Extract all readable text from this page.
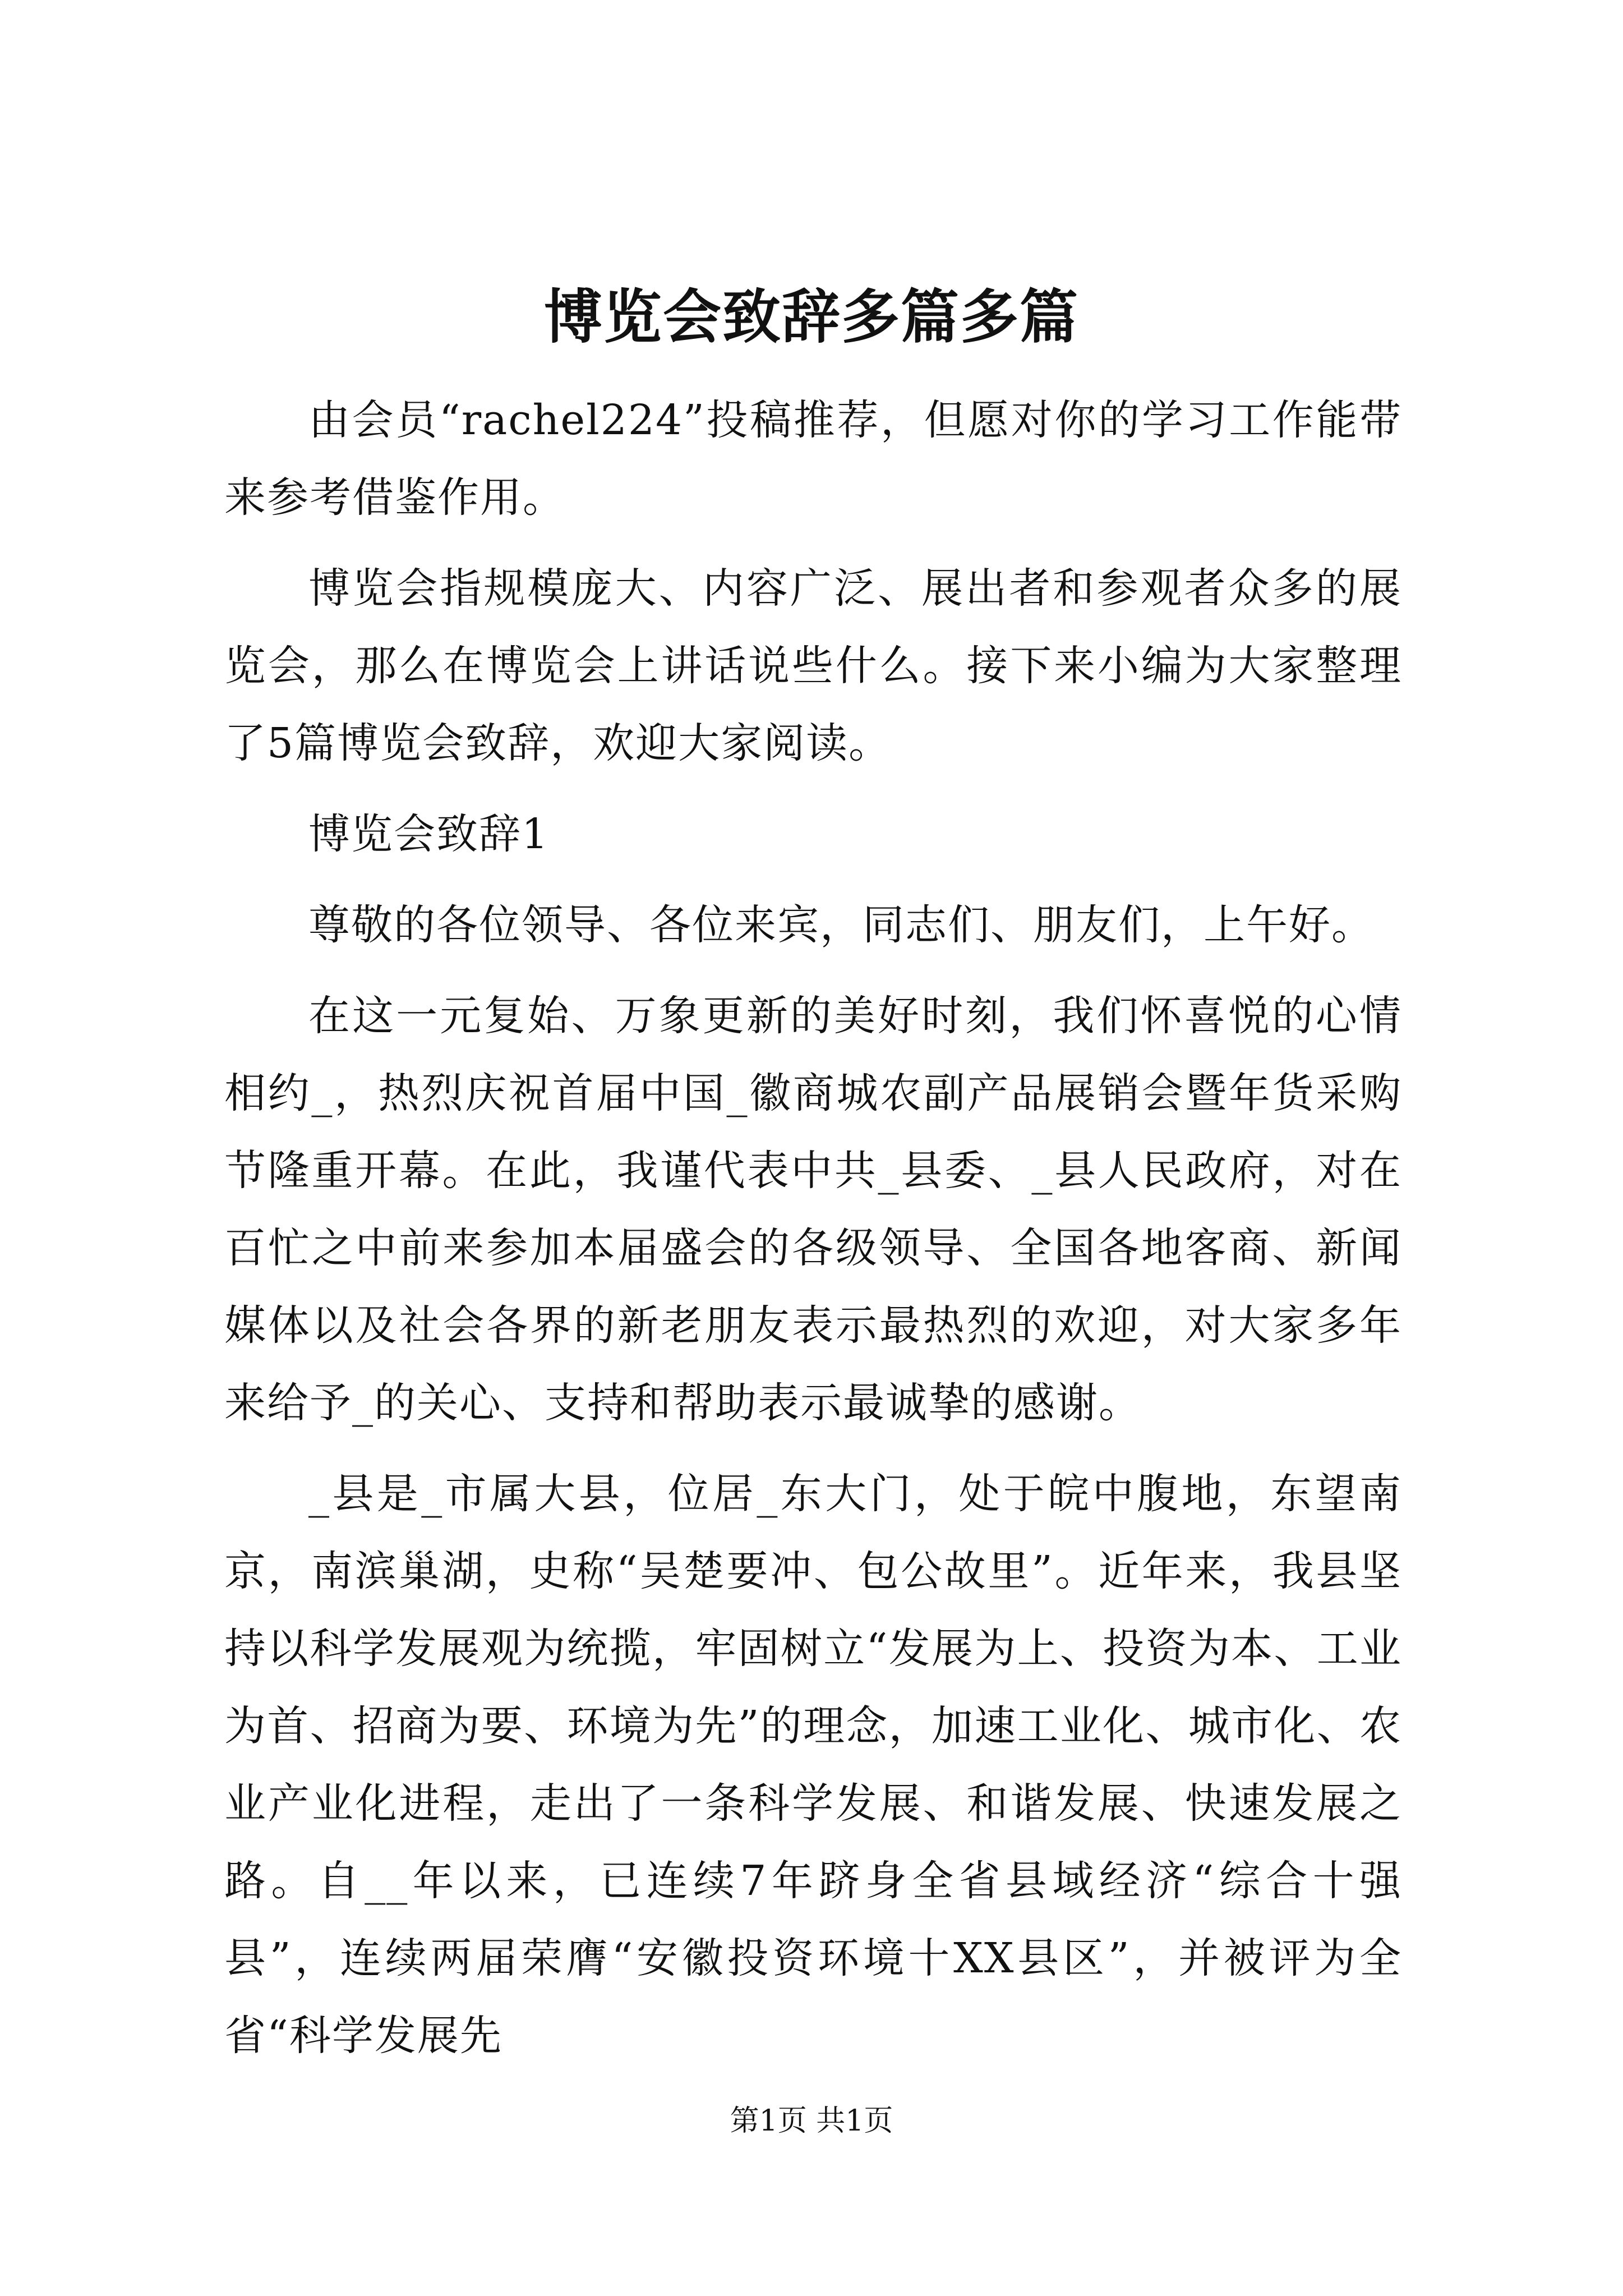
博览会致辞多篇多篇

由会员“rachel224”投稿推荐，但愿对你的学习工作能带来参考借鉴作用。

博览会指规模庞大、内容广泛、展出者和参观者众多的展览会，那么在博览会上讲话说些什么。接下来小编为大家整理了5篇博览会致辞，欢迎大家阅读。

博览会致辞1

尊敬的各位领导、各位来宾，同志们、朋友们，上午好。

在这一元复始、万象更新的美好时刻，我们怀喜悦的心情相约_，热烈庆祝首届中国_徽商城农副产品展销会暨年货采购节隆重开幕。在此，我谨代表中共_县委、_县人民政府，对在百忙之中前来参加本届盛会的各级领导、全国各地客商、新闻媒体以及社会各界的新老朋友表示最热烈的欢迎，对大家多年来给予_的关心、支持和帮助表示最诚挚的感谢。

_县是_市属大县，位居_东大门，处于皖中腹地，东望南京，南滨巢湖，史称“吴楚要冲、包公故里”。近年来，我县坚持以科学发展观为统揽，牢固树立“发展为上、投资为本、工业为首、招商为要、环境为先”的理念，加速工业化、城市化、农业产业化进程，走出了一条科学发展、和谐发展、快速发展之路。自__年以来，已连续7年跻身全省县域经济“综合十强县”，连续两届荣膺“安徽投资环境十XX县区”，并被评为全省“科学发展先

第1页 共1页
